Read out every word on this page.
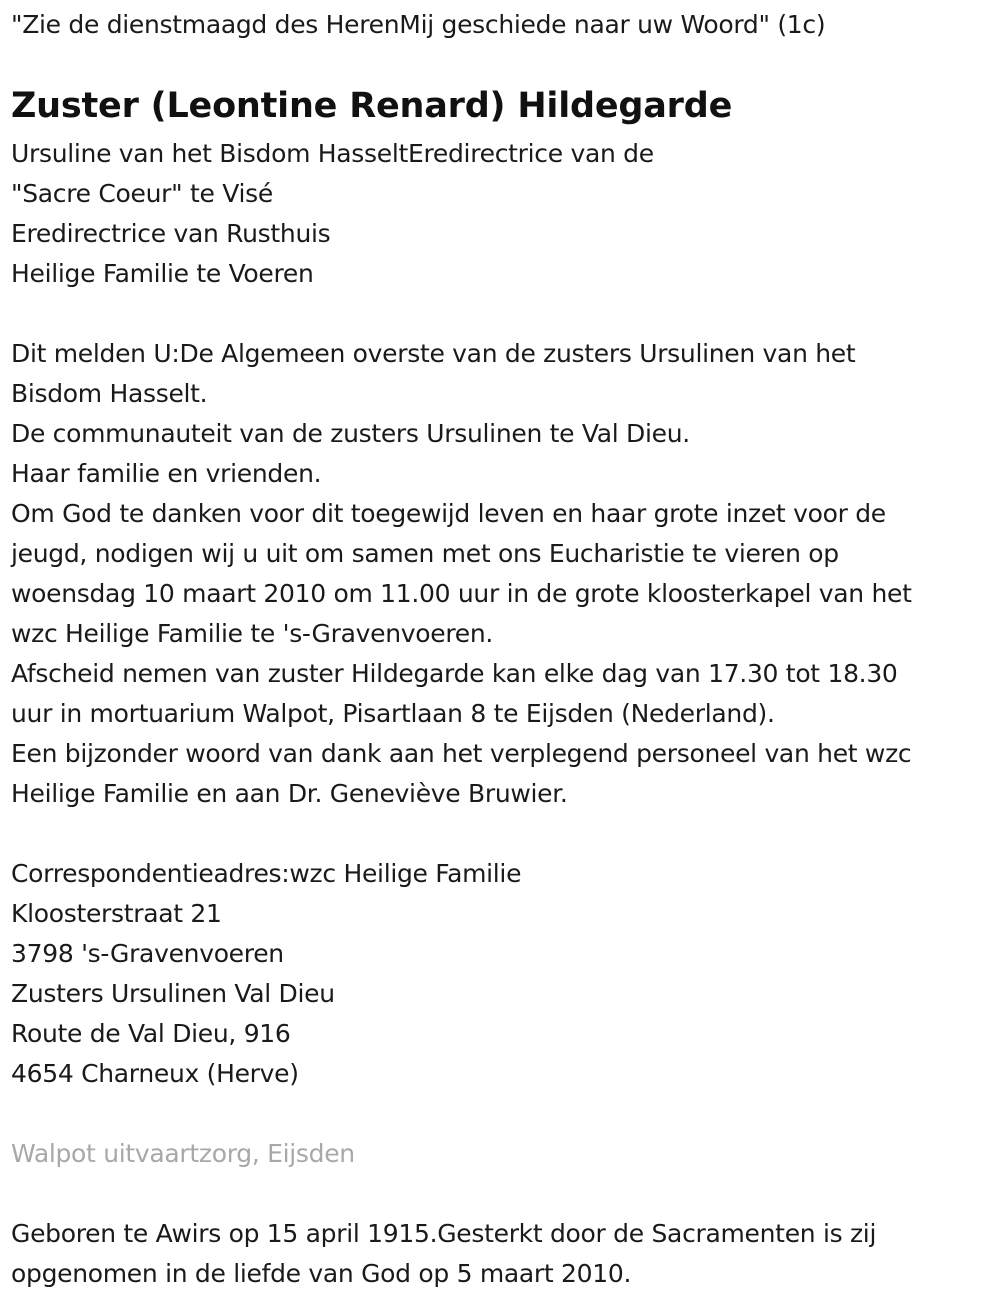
"Zie de dienstmaagd des HerenMij geschiede naar uw Woord" (1c)
Zuster (Leontine Renard) Hildegarde
Ursuline van het Bisdom HasseltEredirectrice van de
"Sacre Coeur" te Visé
Eredirectrice van Rusthuis
Heilige Familie te Voeren
Dit melden U:De Algemeen overste van de zusters Ursulinen van het
Bisdom Hasselt.
De communauteit van de zusters Ursulinen te Val Dieu.
Haar familie en vrienden.
Om God te danken voor dit toegewijd leven en haar grote inzet voor de
jeugd, nodigen wij u uit om samen met ons Eucharistie te vieren op
woensdag 10 maart 2010 om 11.00 uur in de grote kloosterkapel van het
wzc Heilige Familie te 's-Gravenvoeren.
Afscheid nemen van zuster Hildegarde kan elke dag van 17.30 tot 18.30
uur in mortuarium Walpot, Pisartlaan 8 te Eijsden (Nederland).
Een bijzonder woord van dank aan het verplegend personeel van het wzc
Heilige Familie en aan Dr. Geneviève Bruwier.
Correspondentieadres:wzc Heilige Familie
Kloosterstraat 21
3798 's-Gravenvoeren
Zusters Ursulinen Val Dieu
Route de Val Dieu, 916
4654 Charneux (Herve)
Walpot uitvaartzorg, Eijsden
Geboren te Awirs op 15 april 1915.Gesterkt door de Sacramenten is zij
opgenomen in de liefde van God op 5 maart 2010.
